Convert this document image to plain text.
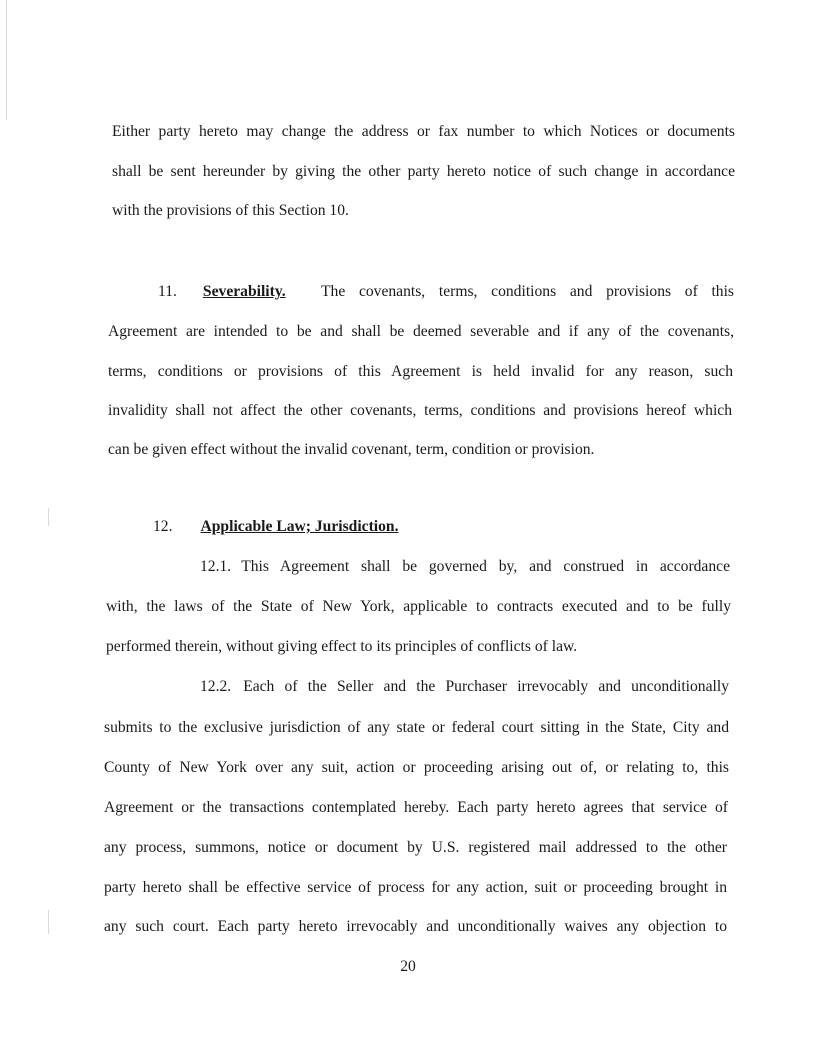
Either party hereto may change the address or fax number to which Notices or documents
shall be sent hereunder by giving the other party hereto notice of such change in accordance
with the provisions of this Section 10.
11. Severability. The covenants, terms, conditions and provisions of this
Agreement are intended to be and shall be deemed severable and if any of the covenants,
terms, conditions or provisions of this Agreement is held invalid for any reason, such
invalidity shall not affect the other covenants, terms, conditions and provisions hereof which
can be given effect without the invalid covenant, term, condition or provision.
12. Applicable Law; Jurisdiction.
12.1. This Agreement shall be governed by, and construed in accordance
with, the laws of the State of New York, applicable to contracts executed and to be fully
performed therein, without giving effect to its principles of conflicts of law.
12.2. Each of the Seller and the Purchaser irrevocably and unconditionally
submits to the exclusive jurisdiction of any state or federal court sitting in the State, City and
County of New York over any suit, action or proceeding arising out of, or relating to, this
Agreement or the transactions contemplated hereby. Each party hereto agrees that service of
any process, summons, notice or document by U.S. registered mail addressed to the other
party hereto shall be effective service of process for any action, suit or proceeding brought in
any such court. Each party hereto irrevocably and unconditionally waives any objection to
20
